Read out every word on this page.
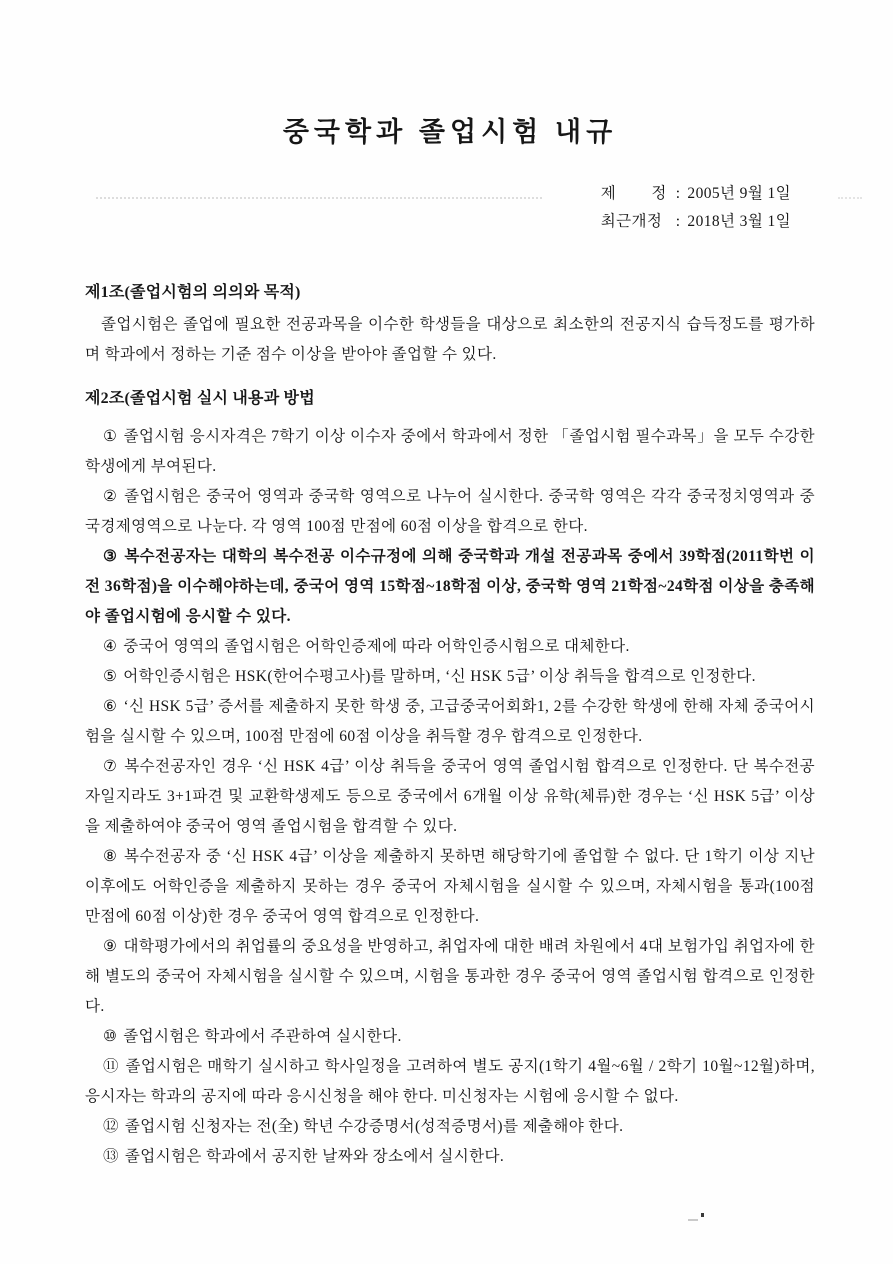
중국학과 졸업시험 내규
제 정 : 2005년 9월 1일
최근개정 : 2018년 3월 1일
제1조(졸업시험의 의의와 목적)

졸업시험은 졸업에 필요한 전공과목을 이수한 학생들을 대상으로 최소한의 전공지식 습득정도를 평가하며 학과에서 정하는 기준 점수 이상을 받아야 졸업할 수 있다.

제2조(졸업시험 실시 내용과 방법

① 졸업시험 응시자격은 7학기 이상 이수자 중에서 학과에서 정한 「졸업시험 필수과목」을 모두 수강한 학생에게 부여된다.

② 졸업시험은 중국어 영역과 중국학 영역으로 나누어 실시한다. 중국학 영역은 각각 중국정치영역과 중국경제영역으로 나눈다. 각 영역 100점 만점에 60점 이상을 합격으로 한다.

③ 복수전공자는 대학의 복수전공 이수규정에 의해 중국학과 개설 전공과목 중에서 39학점(2011학번 이전 36학점)을 이수해야하는데, 중국어 영역 15학점~18학점 이상, 중국학 영역 21학점~24학점 이상을 충족해야 졸업시험에 응시할 수 있다.

④ 중국어 영역의 졸업시험은 어학인증제에 따라 어학인증시험으로 대체한다.

⑤ 어학인증시험은 HSK(한어수평고사)를 말하며, ‘신 HSK 5급’ 이상 취득을 합격으로 인정한다.

⑥ ‘신 HSK 5급’ 증서를 제출하지 못한 학생 중, 고급중국어회화1, 2를 수강한 학생에 한해 자체 중국어시험을 실시할 수 있으며, 100점 만점에 60점 이상을 취득할 경우 합격으로 인정한다.

⑦ 복수전공자인 경우 ‘신 HSK 4급’ 이상 취득을 중국어 영역 졸업시험 합격으로 인정한다. 단 복수전공자일지라도 3+1파견 및 교환학생제도 등으로 중국에서 6개월 이상 유학(체류)한 경우는 ‘신 HSK 5급’ 이상을 제출하여야 중국어 영역 졸업시험을 합격할 수 있다.

⑧ 복수전공자 중 ‘신 HSK 4급’ 이상을 제출하지 못하면 해당학기에 졸업할 수 없다. 단 1학기 이상 지난 이후에도 어학인증을 제출하지 못하는 경우 중국어 자체시험을 실시할 수 있으며, 자체시험을 통과(100점 만점에 60점 이상)한 경우 중국어 영역 합격으로 인정한다.

⑨ 대학평가에서의 취업률의 중요성을 반영하고, 취업자에 대한 배려 차원에서 4대 보험가입 취업자에 한해 별도의 중국어 자체시험을 실시할 수 있으며, 시험을 통과한 경우 중국어 영역 졸업시험 합격으로 인정한다.

⑩ 졸업시험은 학과에서 주관하여 실시한다.

⑪ 졸업시험은 매학기 실시하고 학사일정을 고려하여 별도 공지(1학기 4월~6월 / 2학기 10월~12월)하며, 응시자는 학과의 공지에 따라 응시신청을 해야 한다. 미신청자는 시험에 응시할 수 없다.

⑫ 졸업시험 신청자는 전(全) 학년 수강증명서(성적증명서)를 제출해야 한다.

⑬ 졸업시험은 학과에서 공지한 날짜와 장소에서 실시한다.
